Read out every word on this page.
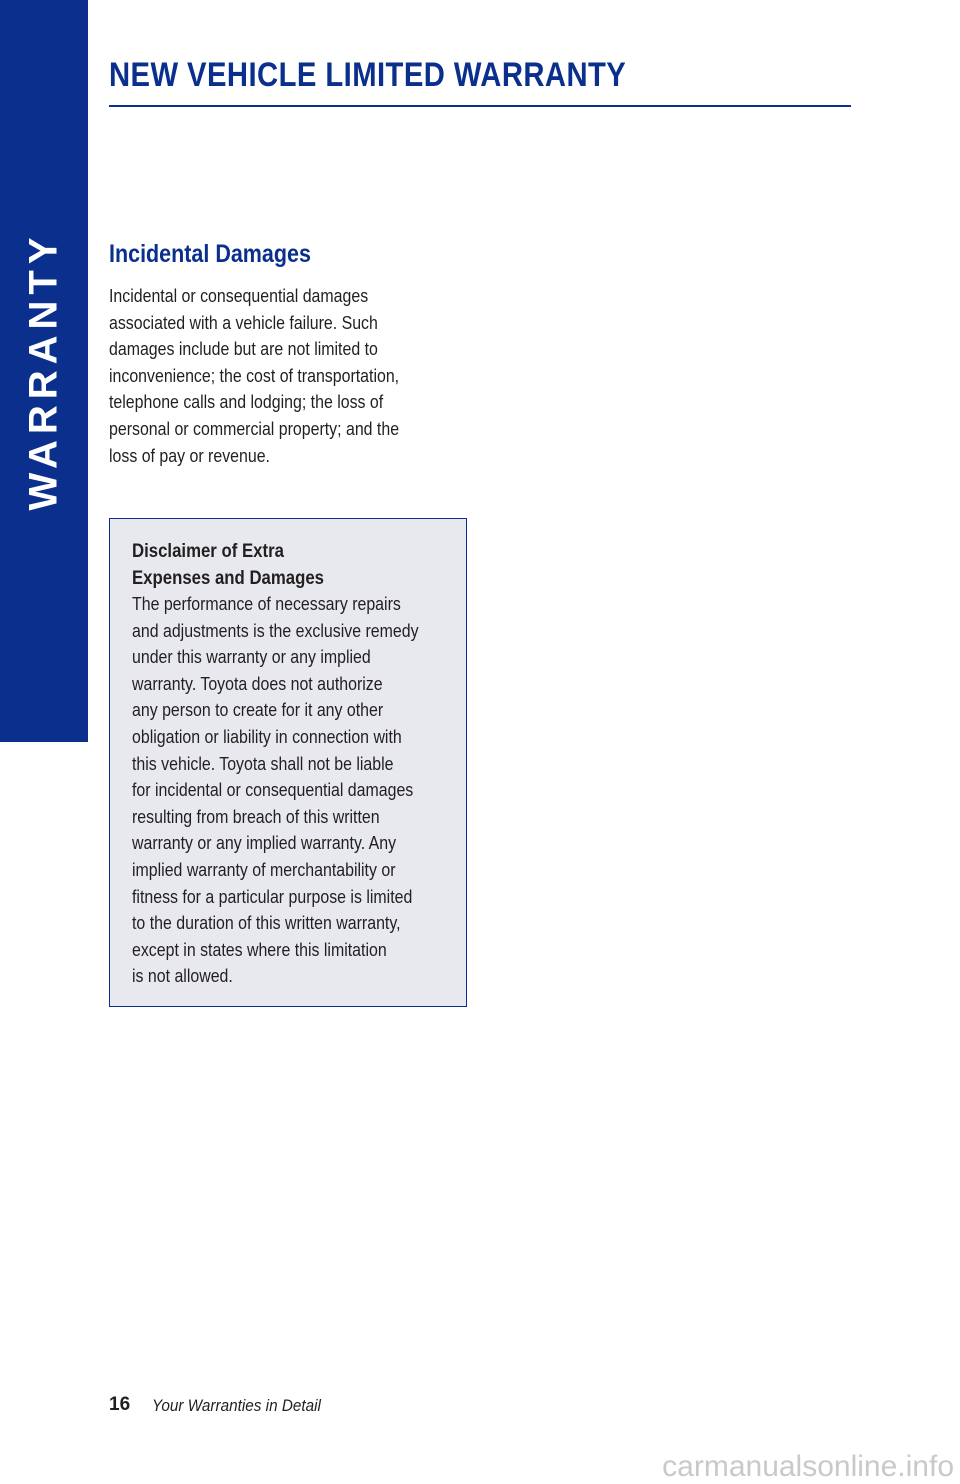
WARRANTY
NEW VEHICLE LIMITED WARRANTY
Incidental Damages

Incidental or consequential damages
associated with a vehicle failure. Such
damages include but are not limited to
inconvenience; the cost of transportation,
telephone calls and lodging; the loss of
personal or commercial property; and the
loss of pay or revenue.

Disclaimer of Extra
Expenses and Damages

The performance of necessary repairs
and adjustments is the exclusive remedy
under this warranty or any implied
warranty. Toyota does not authorize
any person to create for it any other
obligation or liability in connection with
this vehicle. Toyota shall not be liable
for incidental or consequential damages
resulting from breach of this written
warranty or any implied warranty. Any
implied warranty of merchantability or
fitness for a particular purpose is limited
to the duration of this written warranty,
except in states where this limitation
is not allowed.

16 Your Warranties in Detail
carmanualsonline.info
